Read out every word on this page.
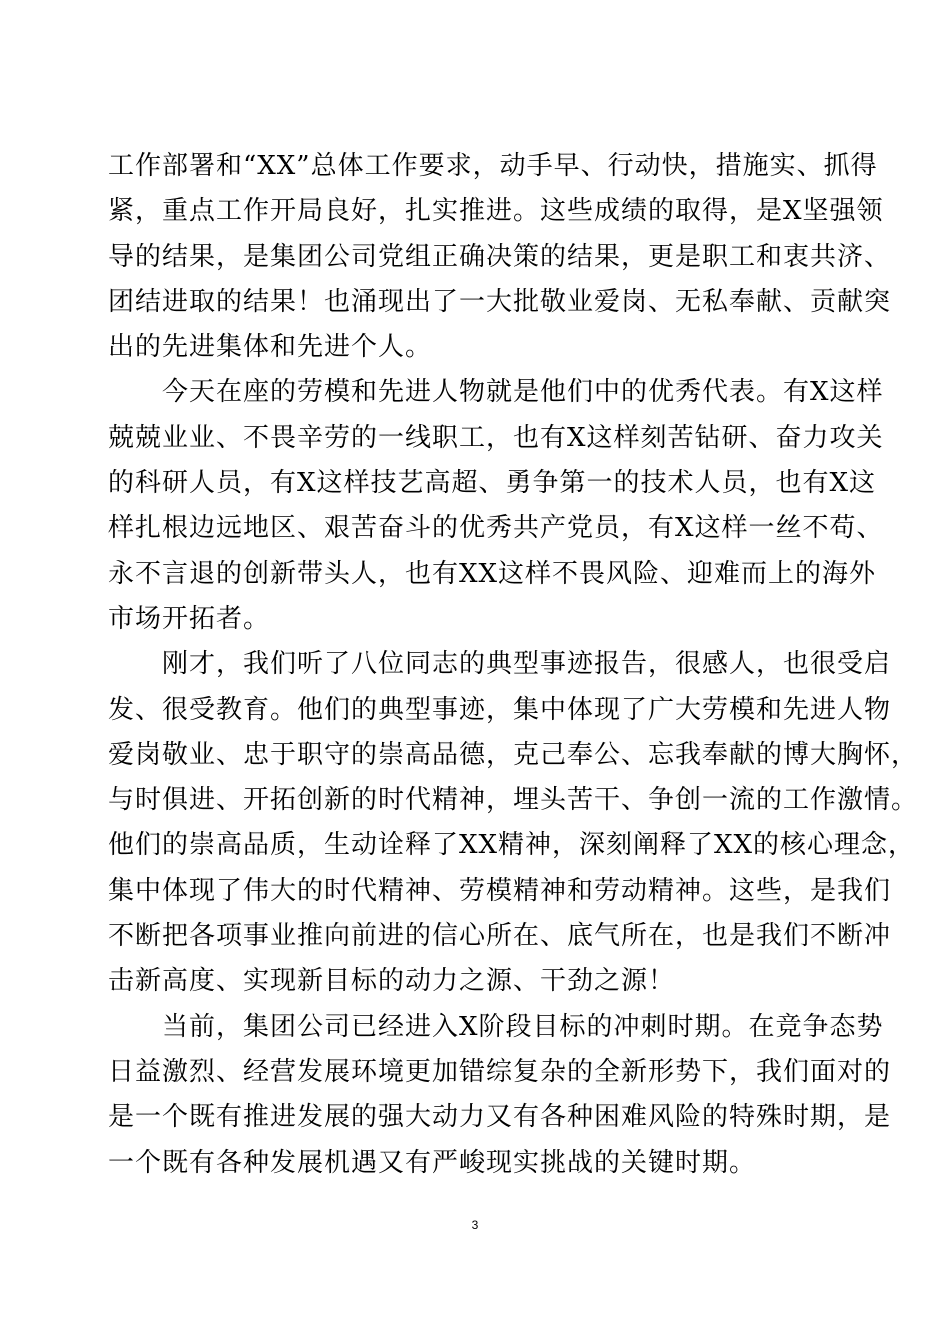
工作部署和“XX”总体工作要求，动手早、行动快，措施实、抓得
紧，重点工作开局良好，扎实推进。这些成绩的取得，是X坚强领
导的结果，是集团公司党组正确决策的结果，更是职工和衷共济、
团结进取的结果！也涌现出了一大批敬业爱岗、无私奉献、贡献突
出的先进集体和先进个人。
今天在座的劳模和先进人物就是他们中的优秀代表。有X这样
兢兢业业、不畏辛劳的一线职工，也有X这样刻苦钻研、奋力攻关
的科研人员，有X这样技艺高超、勇争第一的技术人员，也有X这
样扎根边远地区、艰苦奋斗的优秀共产党员，有X这样一丝不苟、
永不言退的创新带头人，也有XX这样不畏风险、迎难而上的海外
市场开拓者。
刚才，我们听了八位同志的典型事迹报告，很感人，也很受启
发、很受教育。他们的典型事迹，集中体现了广大劳模和先进人物
爱岗敬业、忠于职守的崇高品德，克己奉公、忘我奉献的博大胸怀，
与时俱进、开拓创新的时代精神，埋头苦干、争创一流的工作激情。
他们的崇高品质，生动诠释了XX精神，深刻阐释了XX的核心理念，
集中体现了伟大的时代精神、劳模精神和劳动精神。这些，是我们
不断把各项事业推向前进的信心所在、底气所在，也是我们不断冲
击新高度、实现新目标的动力之源、干劲之源！
当前，集团公司已经进入X阶段目标的冲刺时期。在竞争态势
日益激烈、经营发展环境更加错综复杂的全新形势下，我们面对的
是一个既有推进发展的强大动力又有各种困难风险的特殊时期，是
一个既有各种发展机遇又有严峻现实挑战的关键时期。
3
